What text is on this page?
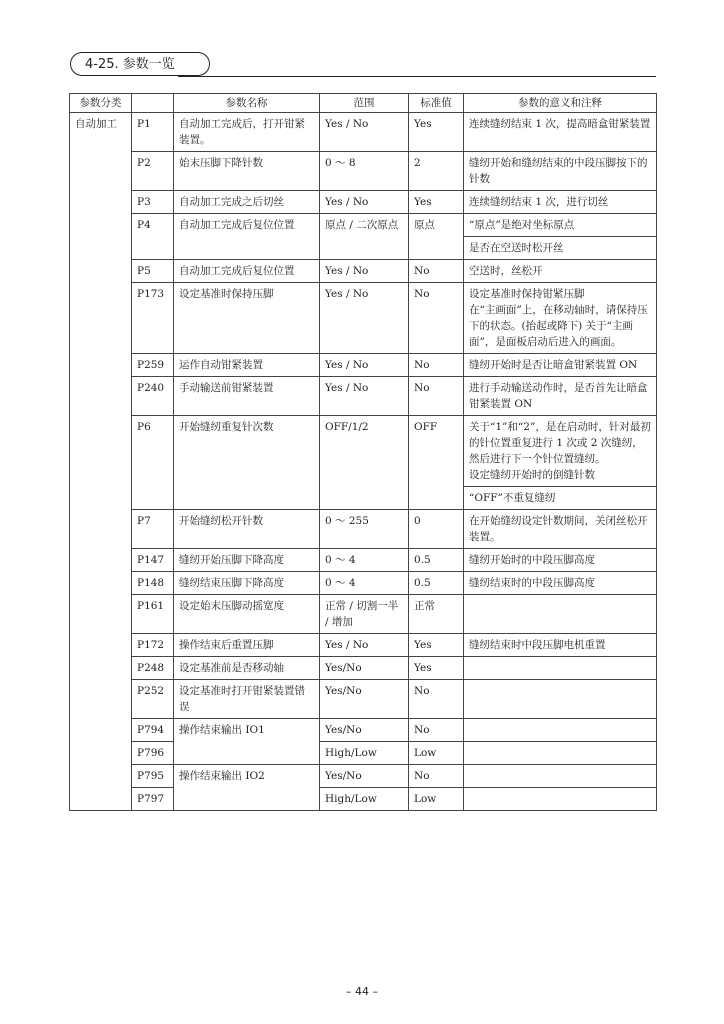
4-25. 参数一览
参数分类		参数名称	范围	标准值	参数的意义和注释
自动加工	P1	自动加工完成后，打开钳紧装置。	Yes / No	Yes	连续缝纫结束 1 次，提高暗盒钳紧装置
	P2	始末压脚下降针数	0 ～ 8	2	缝纫开始和缝纫结束的中段压脚按下的针数
	P3	自动加工完成之后切丝	Yes / No	Yes	连续缝纫结束 1 次，进行切丝
	P4	自动加工完成后复位位置	原点 / 二次原点	原点	“原点”是绝对坐标原点
					是否在空送时松开丝
	P5	自动加工完成后复位位置	Yes / No	No	空送时，丝松开
	P173	设定基准时保持压脚	Yes / No	No	设定基准时保持钳紧压脚
在“主画面”上，在移动轴时，请保持压下的状态。(抬起或降下) 关于“主画面”，是面板启动后进入的画面。
	P259	运作自动钳紧装置	Yes / No	No	缝纫开始时是否让暗盒钳紧装置 ON
	P240	手动输送前钳紧装置	Yes / No	No	进行手动输送动作时，是否首先让暗盒钳紧装置 ON
	P6	开始缝纫重复针次数	OFF/1/2	OFF	关于“1”和“2”，是在启动时，针对最初的针位置重复进行 1 次或 2 次缝纫，然后进行下一个针位置缝纫。
设定缝纫开始时的倒缝针数
					“OFF”不重复缝纫
	P7	开始缝纫松开针数	0 ～ 255	0	在开始缝纫设定针数期间，关闭丝松开装置。
	P147	缝纫开始压脚下降高度	0 ～ 4	0.5	缝纫开始时的中段压脚高度
	P148	缝纫结束压脚下降高度	0 ～ 4	0.5	缝纫结束时的中段压脚高度
	P161	设定始末压脚动摇宽度	正常 / 切割一半 / 增加	正常	
	P172	操作结束后重置压脚	Yes / No	Yes	缝纫结束时中段压脚电机重置
	P248	设定基准前是否移动轴	Yes/No	Yes	
	P252	设定基准时打开钳紧装置错误	Yes/No	No	
	P794	操作结束输出 IO1	Yes/No	No	
	P796		High/Low	Low	
	P795	操作结束输出 IO2	Yes/No	No	
	P797		High/Low	Low	
– 44 –
